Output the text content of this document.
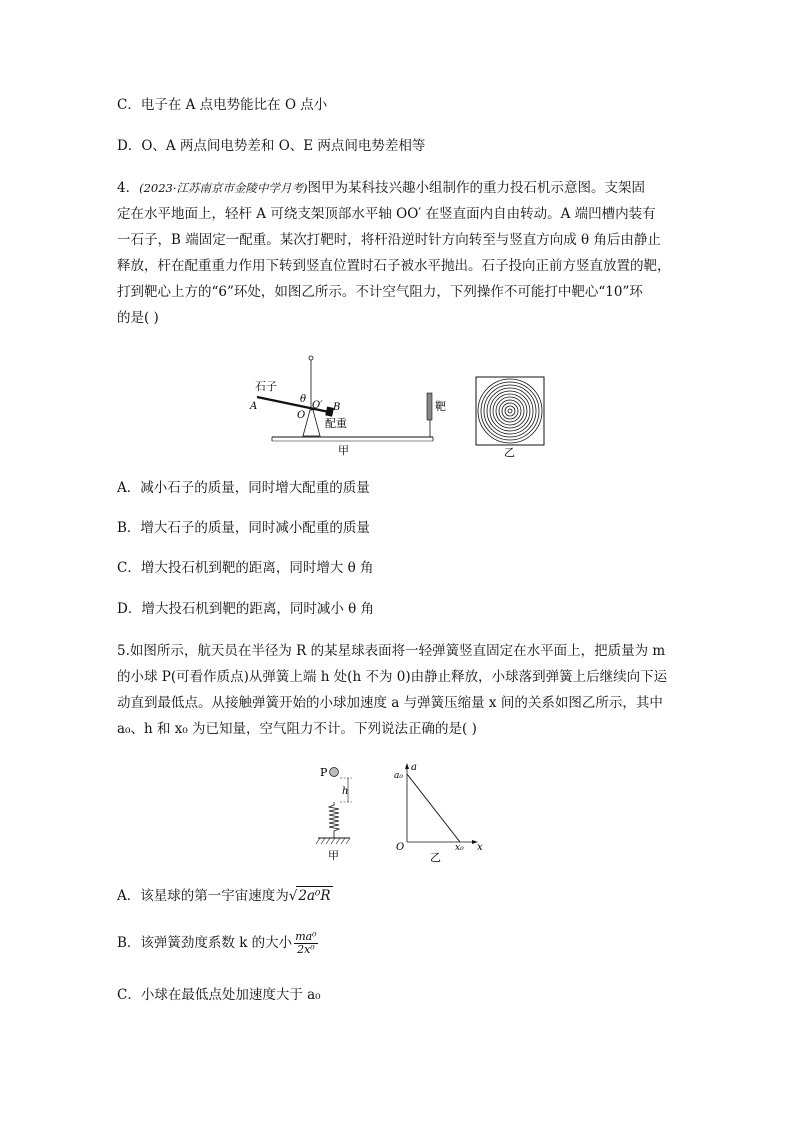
C．电子在 A 点电势能比在 O 点小
D．O、A 两点间电势差和 O、E 两点间电势差相等
4．(2023·江苏南京市金陵中学月考)图甲为某科技兴趣小组制作的重力投石机示意图。支架固
定在水平地面上，轻杆 A 可绕支架顶部水平轴 OO′ 在竖直面内自由转动。A 端凹槽内装有
一石子，B 端固定一配重。某次打靶时，将杆沿逆时针方向转至与竖直方向成 θ 角后由静止
释放，杆在配重重力作用下转到竖直位置时石子被水平抛出。石子投向正前方竖直放置的靶，
打到靶心上方的“6”环处，如图乙所示。不计空气阻力，下列操作不可能打中靶心“10”环
的是( )
石子
A
θ
O′
O
B
配重
靶
甲	乙
A．减小石子的质量，同时增大配重的质量
B．增大石子的质量，同时减小配重的质量
C．增大投石机到靶的距离，同时增大 θ 角
D．增大投石机到靶的距离，同时减小 θ 角
5.如图所示，航天员在半径为 R 的某星球表面将一轻弹簧竖直固定在水平面上，把质量为 m
的小球 P(可看作质点)从弹簧上端 h 处(h 不为 0)由静止释放，小球落到弹簧上后继续向下运
动直到最低点。从接触弹簧开始的小球加速度 a 与弹簧压缩量 x 间的关系如图乙所示，其中
a₀、h 和 x₀ 为已知量，空气阻力不计。下列说法正确的是( )
P
h
甲
a
x
a₀
x₀
O
乙
A．该星球的第一宇宙速度为√2a⁰R
B．该弹簧劲度系数 k 的大小 $\frac{\text{ma⁰}}{\text{2x⁰}}$
C．小球在最低点处加速度大于 a₀
